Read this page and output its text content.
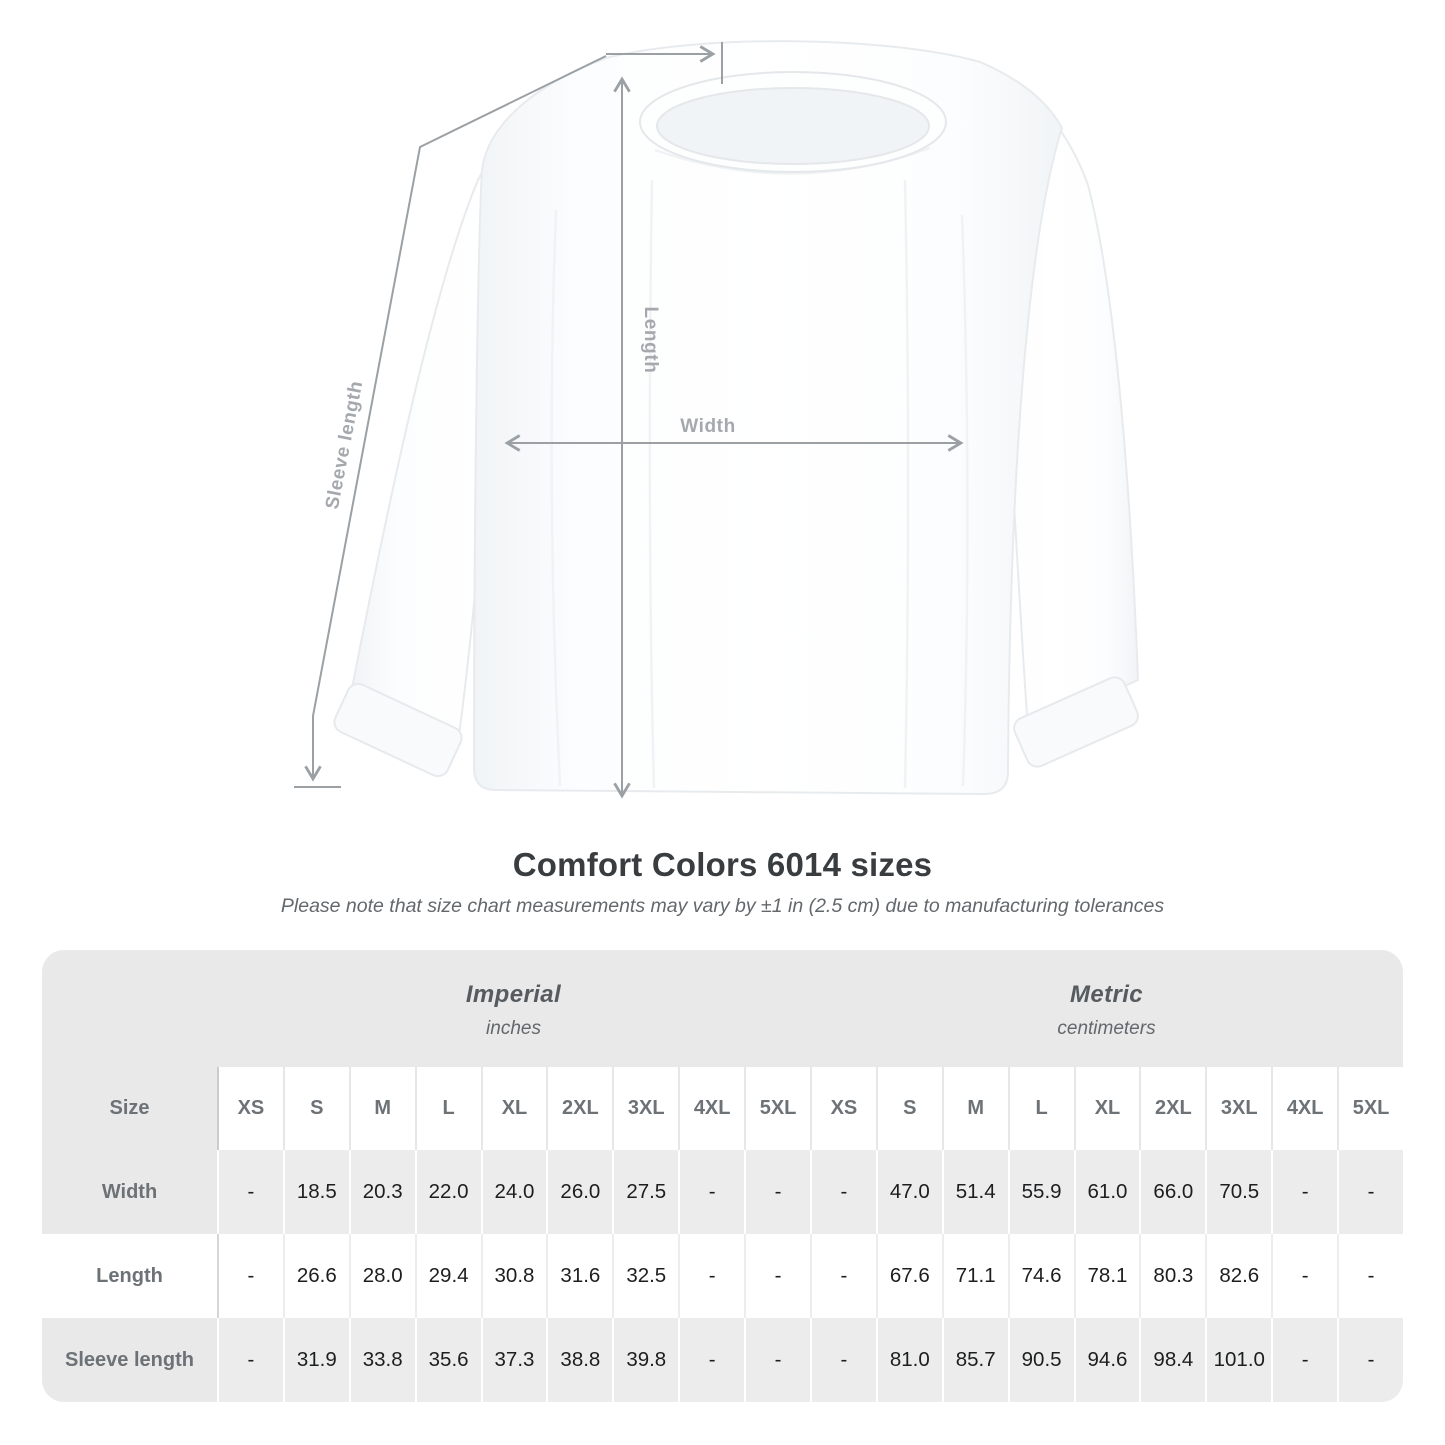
Length
Width
Sleeve length
Comfort Colors 6014 sizes
Please note that size chart measurements may vary by ±1 in (2.5 cm) due to manufacturing tolerances
Imperial
inches
Metric
centimeters
Size	XS	S	M	L	XL	2XL	3XL	4XL	5XL	XS	S	M	L	XL	2XL	3XL	4XL	5XL
Width	-	18.5	20.3	22.0	24.0	26.0	27.5	-	-	-	47.0	51.4	55.9	61.0	66.0	70.5	-	-
Length	-	26.6	28.0	29.4	30.8	31.6	32.5	-	-	-	67.6	71.1	74.6	78.1	80.3	82.6	-	-
Sleeve length	-	31.9	33.8	35.6	37.3	38.8	39.8	-	-	-	81.0	85.7	90.5	94.6	98.4 101.0	-	-
